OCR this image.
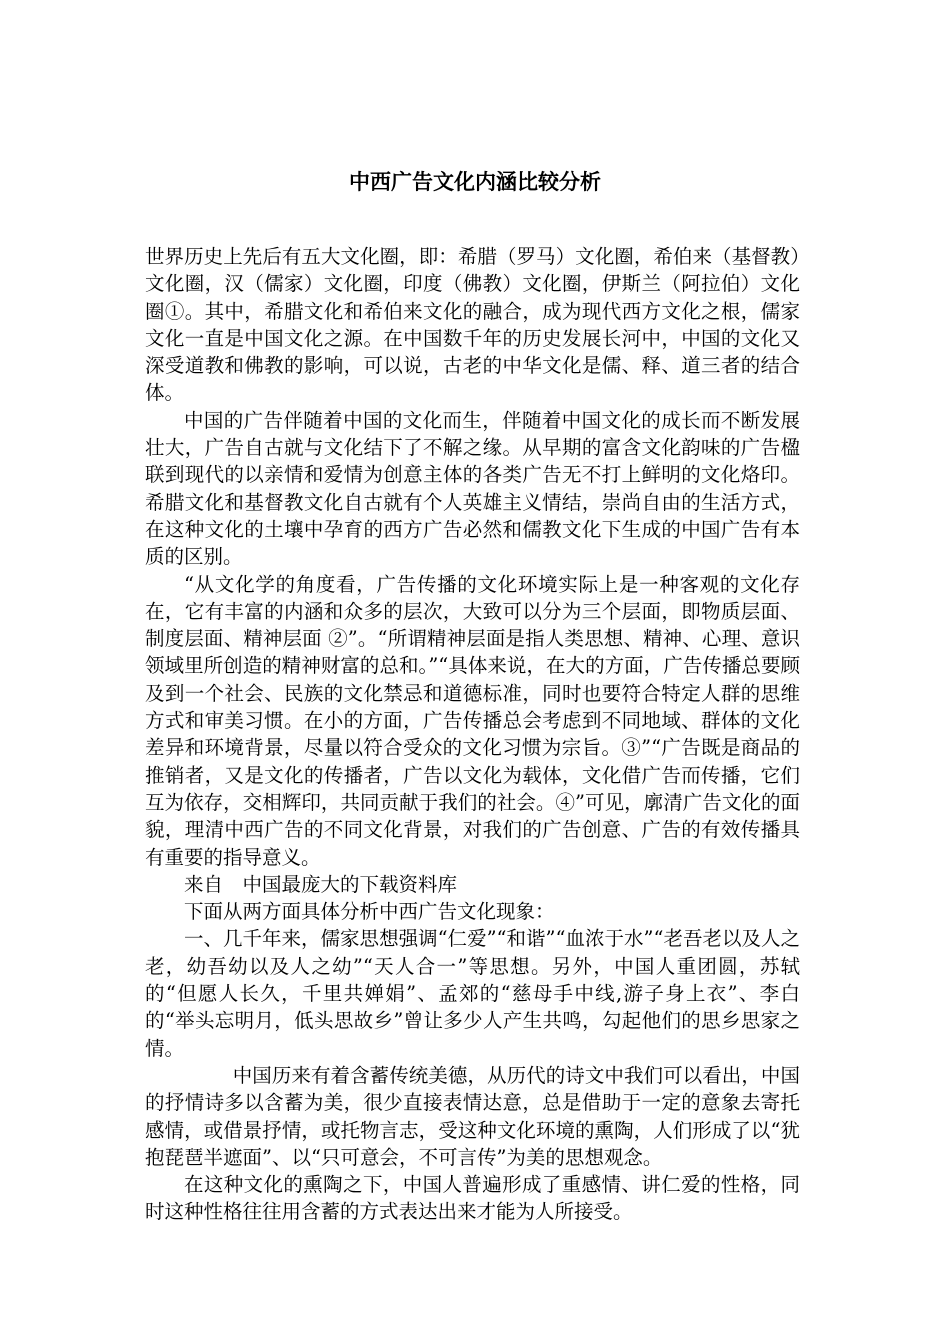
中西广告文化内涵比较分析

世界历史上先后有五大文化圈，即：希腊（罗马）文化圈，希伯来（基督教）文化圈，汉（儒家）文化圈，印度（佛教）文化圈，伊斯兰（阿拉伯）文化圈①。其中，希腊文化和希伯来文化的融合，成为现代西方文化之根，儒家文化一直是中国文化之源。在中国数千年的历史发展长河中，中国的文化又深受道教和佛教的影响，可以说，古老的中华文化是儒、释、道三者的结合体。

中国的广告伴随着中国的文化而生，伴随着中国文化的成长而不断发展壮大，广告自古就与文化结下了不解之缘。从早期的富含文化韵味的广告楹联到现代的以亲情和爱情为创意主体的各类广告无不打上鲜明的文化烙印。希腊文化和基督教文化自古就有个人英雄主义情结，崇尚自由的生活方式，在这种文化的土壤中孕育的西方广告必然和儒教文化下生成的中国广告有本质的区别。

“从文化学的角度看，广告传播的文化环境实际上是一种客观的文化存在，它有丰富的内涵和众多的层次，大致可以分为三个层面，即物质层面、制度层面、精神层面 ②”。“所谓精神层面是指人类思想、精神、心理、意识领域里所创造的精神财富的总和。”“具体来说，在大的方面，广告传播总要顾及到一个社会、民族的文化禁忌和道德标准，同时也要符合特定人群的思维方式和审美习惯。在小的方面，广告传播总会考虑到不同地域、群体的文化差异和环境背景，尽量以符合受众的文化习惯为宗旨。③”“广告既是商品的推销者，又是文化的传播者，广告以文化为载体，文化借广告而传播，它们互为依存，交相辉印，共同贡献于我们的社会。④”可见，廓清广告文化的面貌，理清中西广告的不同文化背景，对我们的广告创意、广告的有效传播具有重要的指导意义。

来自　中国最庞大的下载资料库

下面从两方面具体分析中西广告文化现象：

一、几千年来，儒家思想强调“仁爱”“和谐”“血浓于水”“老吾老以及人之老，幼吾幼以及人之幼”“天人合一”等思想。另外，中国人重团圆，苏轼的“但愿人长久，千里共婵娟”、孟郊的“慈母手中线,游子身上衣”、李白的“举头忘明月，低头思故乡”曾让多少人产生共鸣，勾起他们的思乡思家之情。

中国历来有着含蓄传统美德，从历代的诗文中我们可以看出，中国的抒情诗多以含蓄为美，很少直接表情达意，总是借助于一定的意象去寄托感情，或借景抒情，或托物言志，受这种文化环境的熏陶，人们形成了以“犹抱琵琶半遮面”、以“只可意会，不可言传”为美的思想观念。

在这种文化的熏陶之下，中国人普遍形成了重感情、讲仁爱的性格，同时这种性格往往用含蓄的方式表达出来才能为人所接受。
